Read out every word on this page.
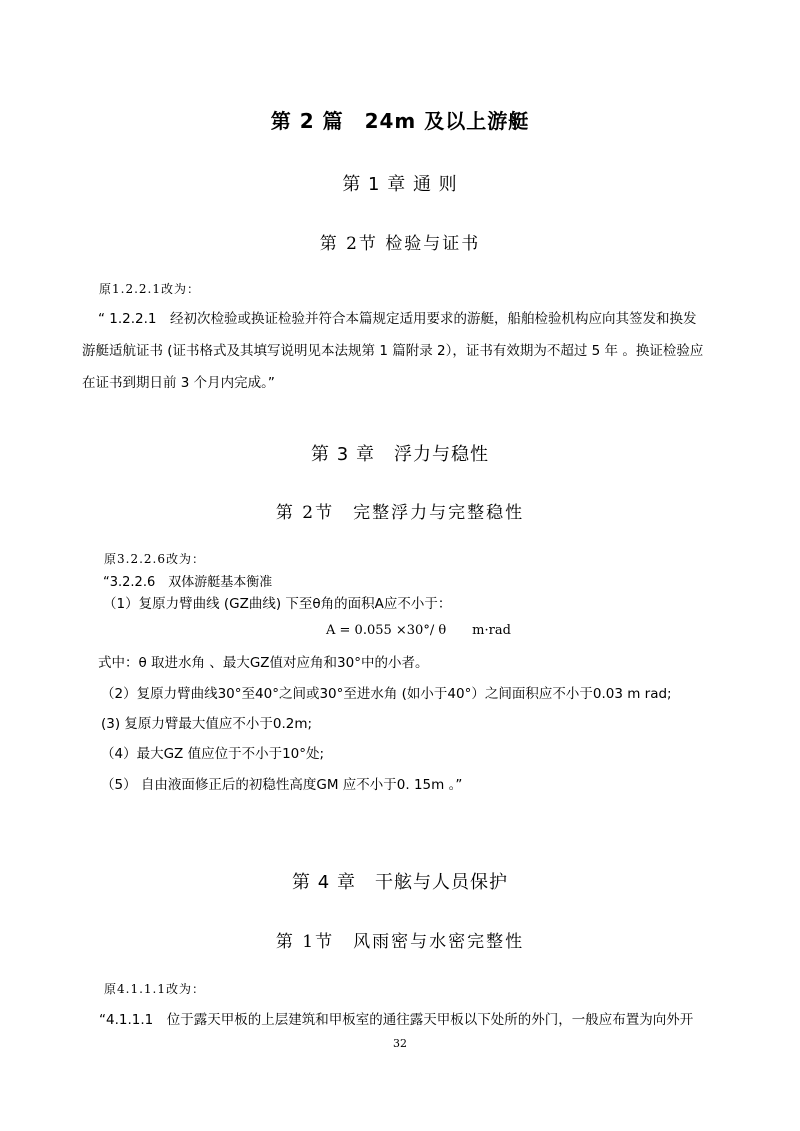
第 2 篇　24m 及以上游艇
第 1 章 通 则
第 2节 检验与证书
原1.2.2.1改为：
“ 1.2.2.1　经初次检验或换证检验并符合本篇规定适用要求的游艇，船舶检验机构应向其签发和换发
游艇适航证书 (证书格式及其填写说明见本法规第 1 篇附录 2），证书有效期为不超过 5 年 。换证检验应
在证书到期日前 3 个月内完成。”
第 3 章　浮力与稳性
第 2节　完整浮力与完整稳性
原3.2.2.6改为：
“3.2.2.6　双体游艇基本衡准
（1）复原力臂曲线 (GZ曲线) 下至θ角的面积A应不小于：
A = 0.055 ×30°/ θ　　m·rad
式中：θ 取进水角 、最大GZ值对应角和30°中的小者。
（2）复原力臂曲线30°至40°之间或30°至进水角 (如小于40°）之间面积应不小于0.03 m rad;
(3) 复原力臂最大值应不小于0.2m;
（4）最大GZ 值应位于不小于10°处;
（5） 自由液面修正后的初稳性高度GM 应不小于0. 15m 。”
第 4 章　干舷与人员保护
第 1节　风雨密与水密完整性
原4.1.1.1改为：
“4.1.1.1　位于露天甲板的上层建筑和甲板室的通往露天甲板以下处所的外门，一般应布置为向外开
32
